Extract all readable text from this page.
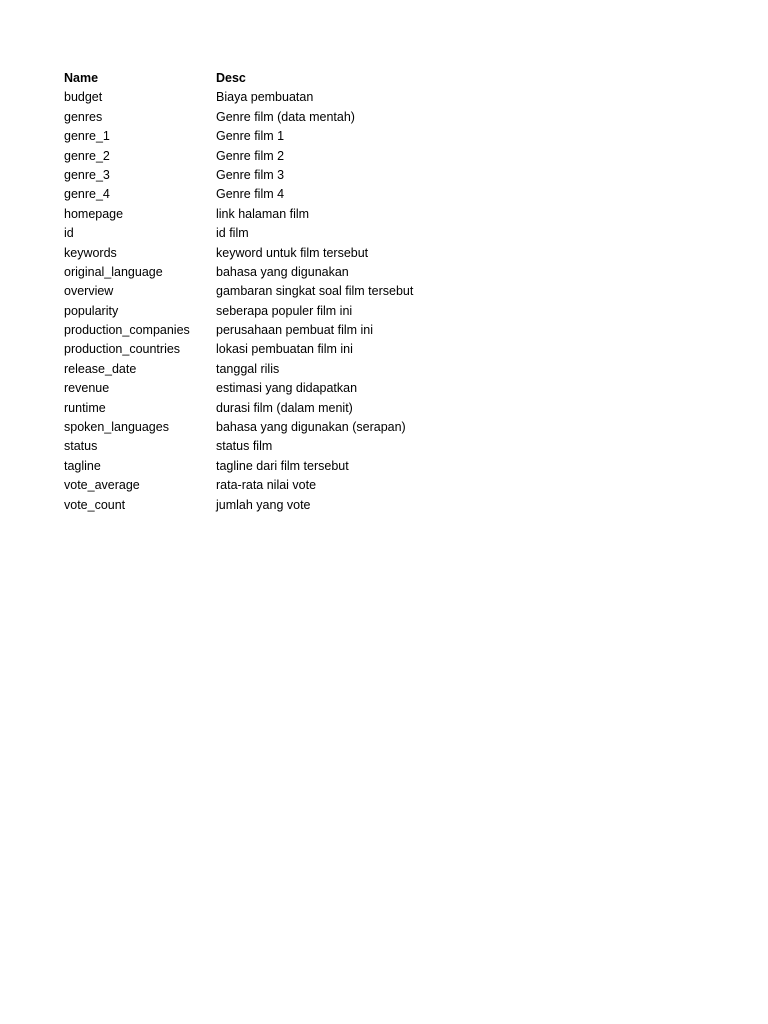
Name	Desc
budget	Biaya pembuatan
genres	Genre film (data mentah)
genre_1	Genre film 1
genre_2	Genre film 2
genre_3	Genre film 3
genre_4	Genre film 4
homepage	link halaman film
id	id film
keywords	keyword untuk film tersebut
original_language	bahasa yang digunakan
overview	gambaran singkat soal film tersebut
popularity	seberapa populer film ini
production_companies	perusahaan pembuat film ini
production_countries	lokasi pembuatan film ini
release_date	tanggal rilis
revenue	estimasi yang didapatkan
runtime	durasi film (dalam menit)
spoken_languages	bahasa yang digunakan (serapan)
status	status film
tagline	tagline dari film tersebut
vote_average	rata-rata nilai vote
vote_count	jumlah yang vote
